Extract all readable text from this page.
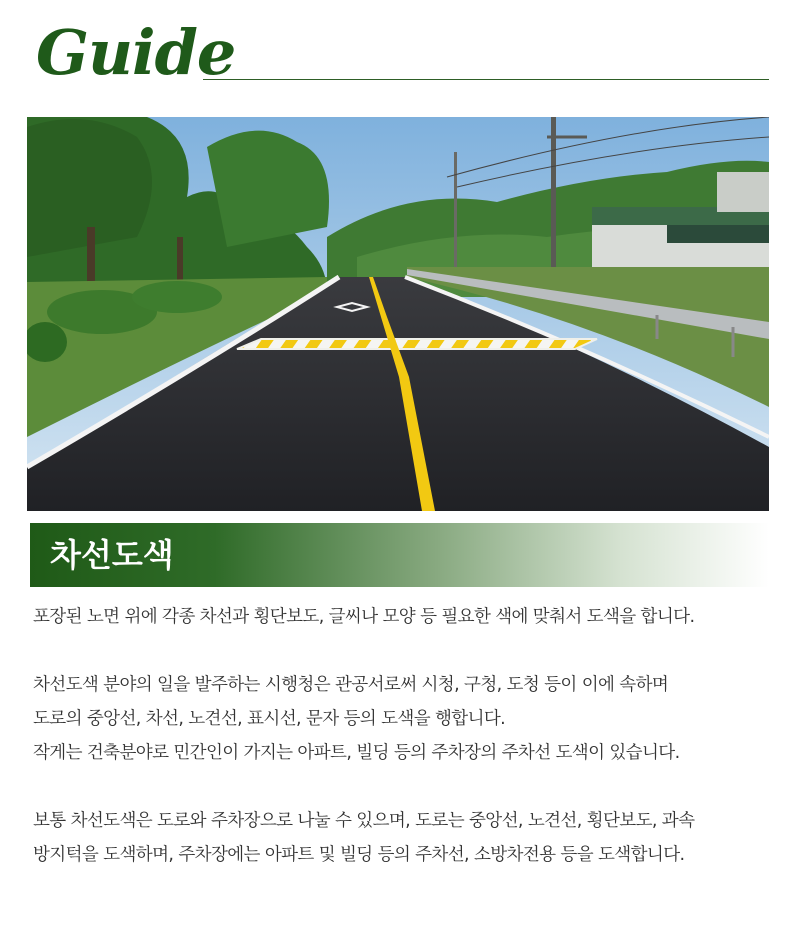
Guide
차선도색

포장된 노면 위에 각종 차선과 횡단보도, 글씨나 모양 등 필요한 색에 맞춰서 도색을 합니다.

차선도색 분야의 일을 발주하는 시행청은 관공서로써 시청, 구청, 도청 등이 이에 속하며

도로의 중앙선, 차선, 노견선, 표시선, 문자 등의 도색을 행합니다.

작게는 건축분야로 민간인이 가지는 아파트, 빌딩 등의 주차장의 주차선 도색이 있습니다.

보통 차선도색은 도로와 주차장으로 나눌 수 있으며, 도로는 중앙선, 노견선, 횡단보도, 과속

방지턱을 도색하며, 주차장에는 아파트 및 빌딩 등의 주차선, 소방차전용 등을 도색합니다.
